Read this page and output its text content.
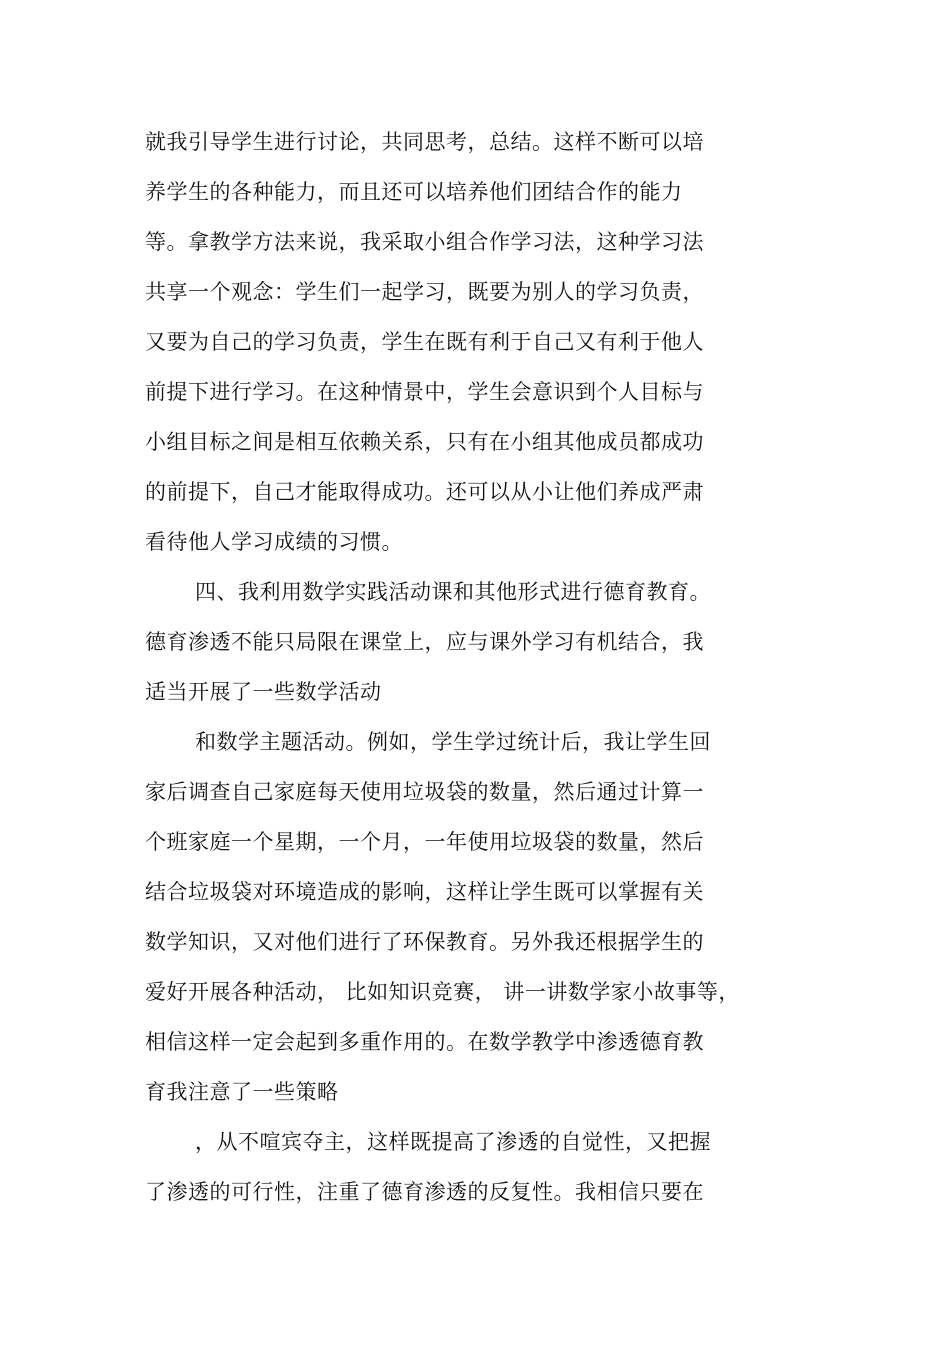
就我引导学生进行讨论，共同思考，总结。这样不断可以培
养学生的各种能力，而且还可以培养他们团结合作的能力
等。拿教学方法来说，我采取小组合作学习法，这种学习法
共享一个观念：学生们一起学习，既要为别人的学习负责，
又要为自己的学习负责，学生在既有利于自己又有利于他人
前提下进行学习。在这种情景中，学生会意识到个人目标与
小组目标之间是相互依赖关系，只有在小组其他成员都成功
的前提下，自己才能取得成功。还可以从小让他们养成严肃
看待他人学习成绩的习惯。
四、我利用数学实践活动课和其他形式进行德育教育。
德育渗透不能只局限在课堂上，应与课外学习有机结合，我
适当开展了一些数学活动
和数学主题活动。例如，学生学过统计后，我让学生回
家后调查自己家庭每天使用垃圾袋的数量，然后通过计算一
个班家庭一个星期，一个月，一年使用垃圾袋的数量，然后
结合垃圾袋对环境造成的影响，这样让学生既可以掌握有关
数学知识，又对他们进行了环保教育。另外我还根据学生的
爱好开展各种活动， 比如知识竞赛， 讲一讲数学家小故事等，
相信这样一定会起到多重作用的。在数学教学中渗透德育教
育我注意了一些策略
，从不喧宾夺主，这样既提高了渗透的自觉性，又把握
了渗透的可行性，注重了德育渗透的反复性。我相信只要在
